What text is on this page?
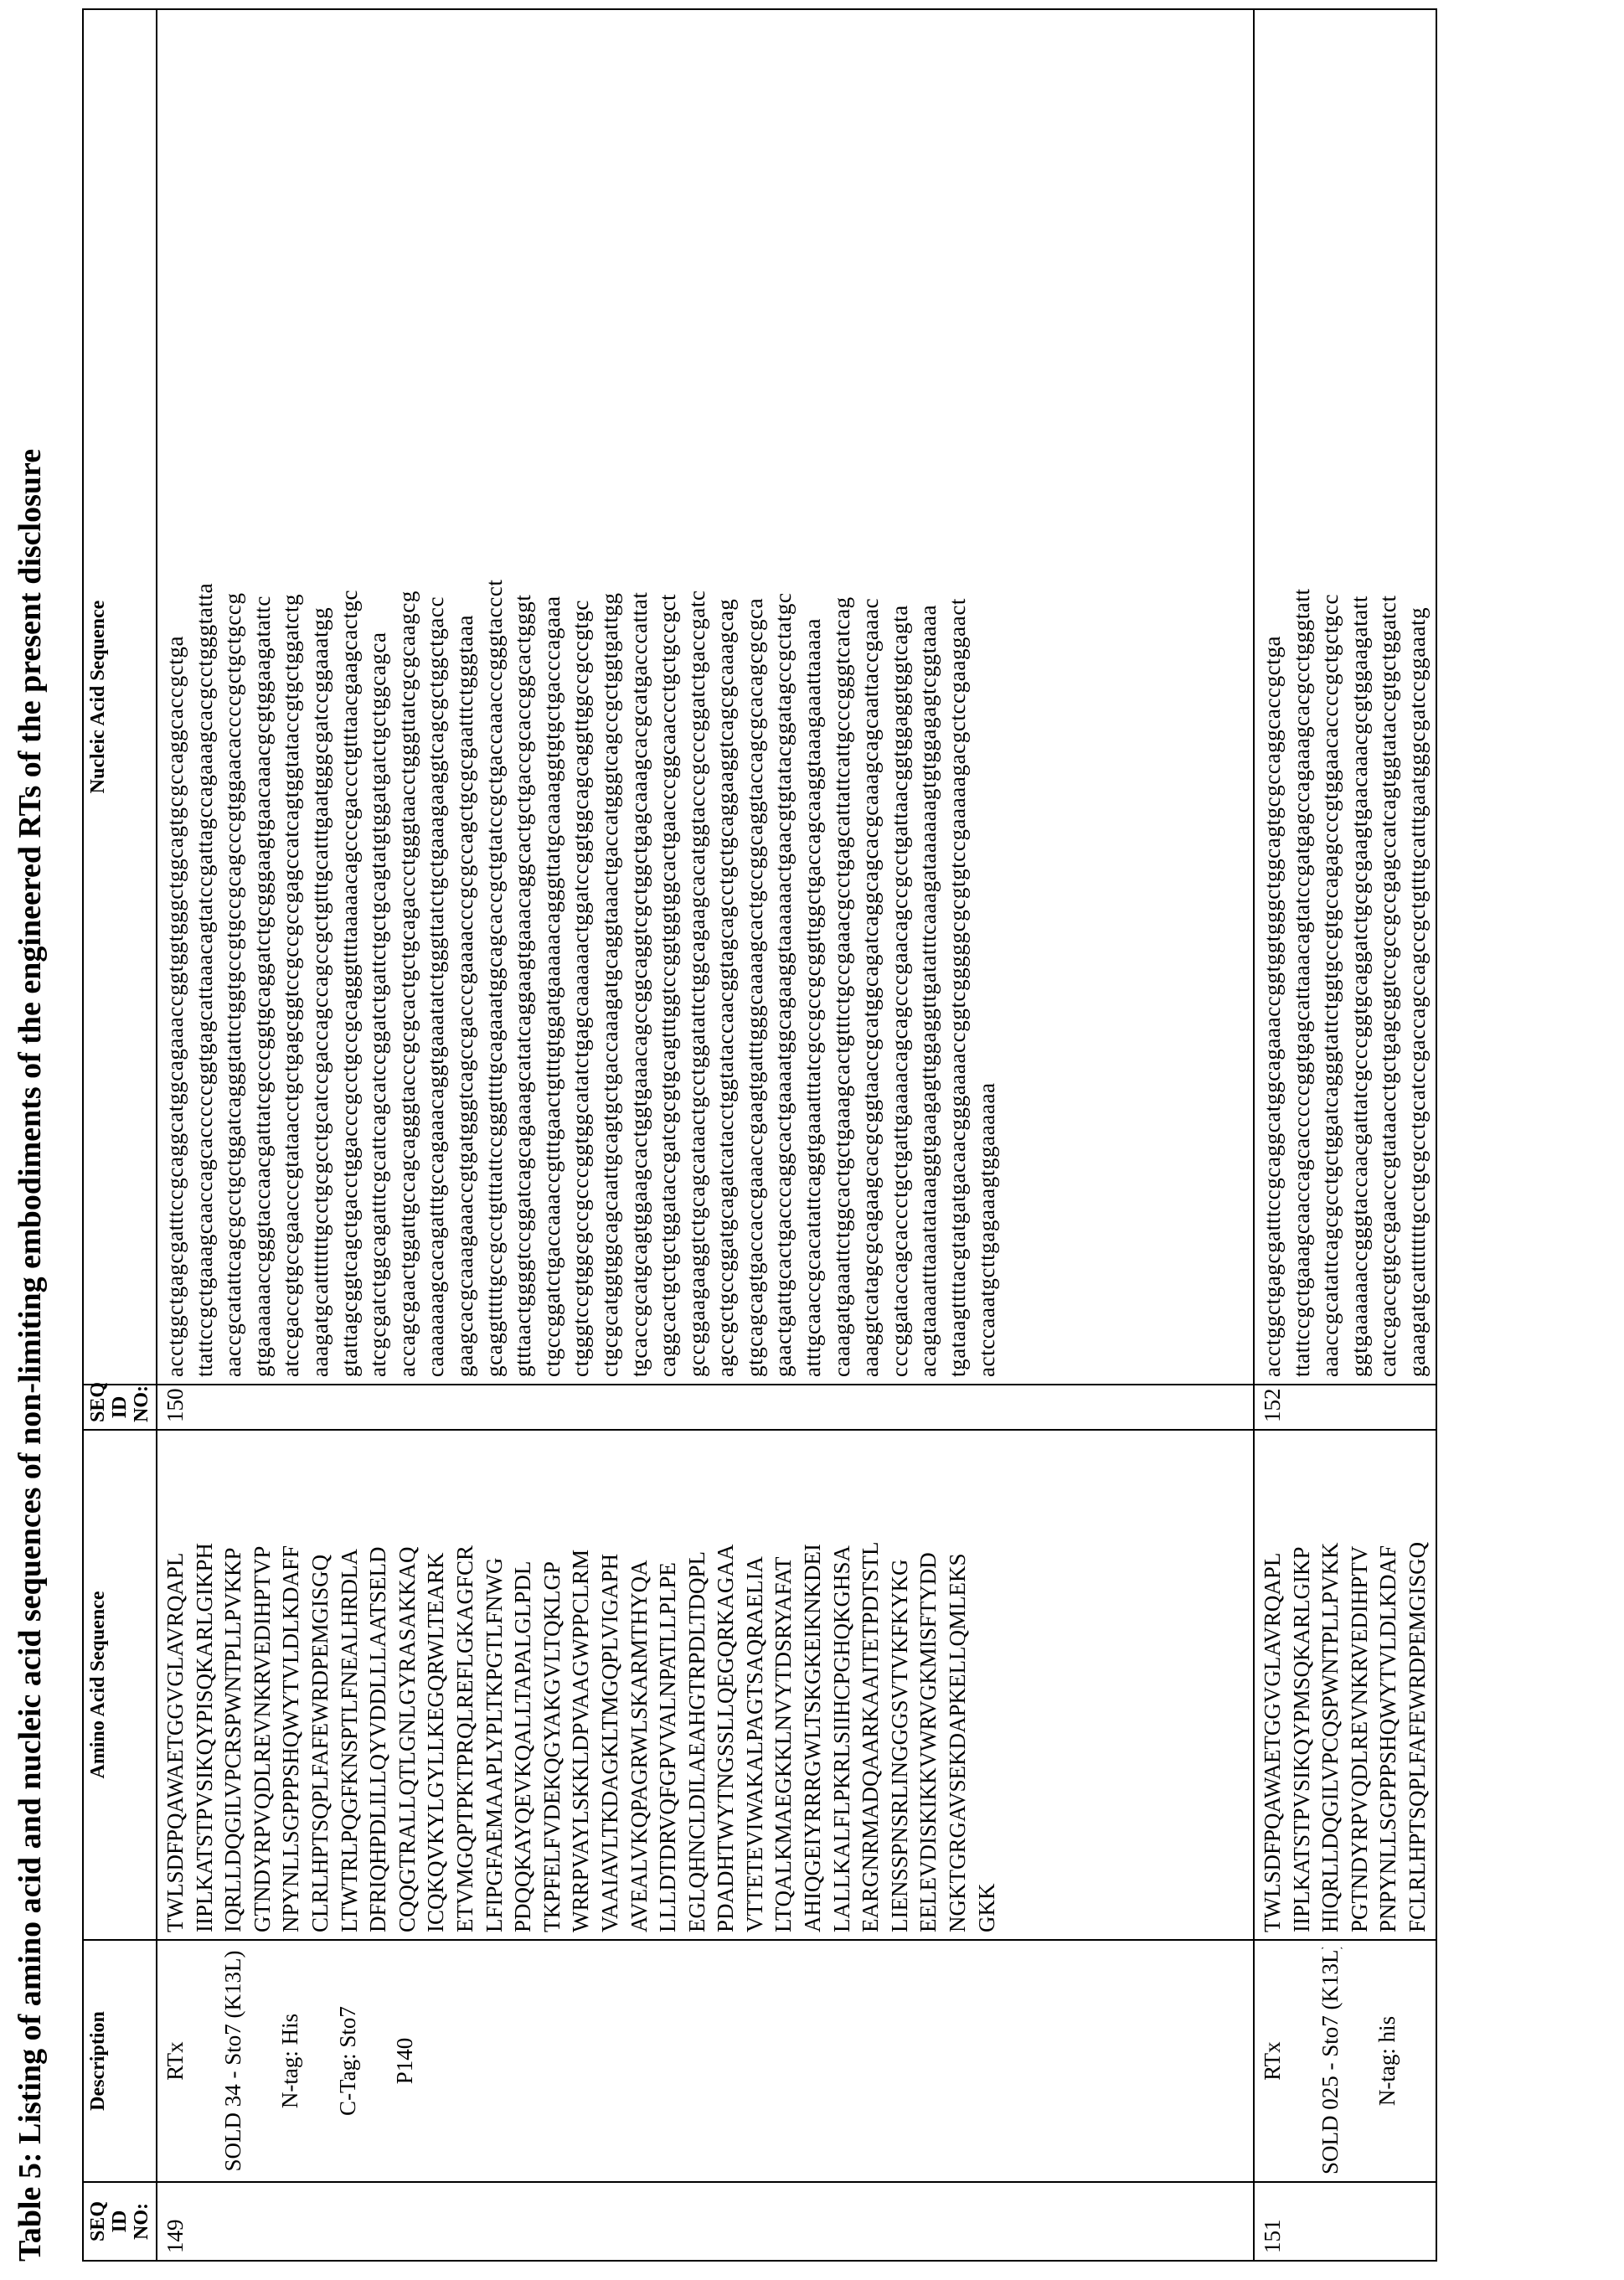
Table 5: Listing of amino acid and nucleic acid sequences of non-limiting embodiments of the engineered RTs of the present disclosure SEQ ID NO:	Description	Amino Acid Sequence	SEQ ID NO:	Nucleic Acid Sequence
149	
RTx SOLD 34 - Sto7 (K13L) N-tag: His C-Tag: Sto7 P140

TWLSDFPQAWAETGGVGLAVRQAPL IIPLKATSTPVSIKQYPISQKARLGIKPH IQRLLDQGILVPCRSPWNTPLLPVKKP GTNDYRPVQDLREVNKRVEDIHPTVP NPYNLLSGPPPSHQWYTVLDLKDAFF CLRLHPTSQPLFAFEWRDPEMGISGQ LTWTRLPQGFKNSPTLFNEALHRDLA DFRIQHPDLILLQYVDDLLLAATSELD CQQGTRALLQTLGNLGYRASAKKAQ ICQKQVKYLGYLLKEGQRWLTEARK ETVMGQPTPKTPRQLREFLGKAGFCR LFIPGFAEMAAPLYPLTKPGTLFNWG PDQQKAYQEVKQALLTAPALGLPDL TKPFELFVDEKQGYAKGVLTQKLGP WRRPVAYLSKKLDPVAAGWPPCLRM VAAIAVLTKDAGKLTMGQPLVIGAPH AVEALVKQPAGRWLSKARMTHYQA LLLDTDRVQFGPVVALNPATLLPLPE EGLQHNCLDILAEAHGTRPDLTDQPL PDADHTWYTNGSSLLQEGQRKAGAA VTTETEVIWAKALPAGTSAQRAELIA LTQALKMAEGKKLNVYTDSRYAFAT AHIQGEIYRRRGWLTSKGKEIKNKDEI LALLKALFLPKRLSIIHCPGHQKGHSA EARGNRMADQAARKAAITETPDTSTL LIENSSPNSRLINGGGSVTVKFKYKG EELEVDISKIKKVWRVGKMISFTYDD NGKTGRGAVSEKDAPKELLQMLEKS GKK
	150	
acctggctgagcgatttccgcaggcatggcagaaaccggtggtgggctggcagtgcgccaggcaccgctga ttattccgctgaaagcaaccagcacccccggtgagcattaaacagtatccgattagccagaaagcacgcctgggtatta aaccgcatattcagcgcctgctggatcagggtattctggtgccgtgccgcagcccgtggaacaccccgctgctgccg gtgaaaaaaccgggtaccaacgattatcgcccggtgcaggatctgcgggaagtgaacaaacgcgtggaagatattc atccgaccgtgccgaacccgtataacctgctgagcggtccgccgccgagccatcagtggtataccgtgctggatctg aaagatgcatttttttgcctgcgcctgcatccgaccagccagccgctgtttgcatttgaatgggcgatccggaaatgg gtattagcggtcagctgacctggacccgcctgccgcagggttttaaaaacagcccgaccctgtttaacgaagcactgc atcgcgatctggcagatttcgcattcagcatccggatctgattctgctgcagtatgtggatgatctgctggcagca accagcgaactggattgccagcagggtacccgcgcactgctgcagaccctgggtaacctgggttatcgcgcaagcg caaaaaaagcacagatttgccagaaacaggtgaaatatctgggttatctgctgaaagaaggtcagcgctggctgacc gaagcacgcaaagaaaccgtgatgggtcagccgacccgaaaacccgcgccagctgcgcgaatttctgggtaaa gcaggtttttgccgcctgtttattccgggttttgcagaaatggcagcaccgctgtatccgctgaccaaacccgggtaccct gtttaactggggtccggatcagcagaaagcatatcaggaagtgaaacaggcactgctgaccgcaccggcactgggt ctgccggatctgaccaaaccgtttgaactgtttgtggatgaaaaacagggttatgcaaaaggtgtgctgacccagaaa ctgggtccgtggcgccgcccggtggcatatctgagcaaaaaactggatccggtggcagcaggttggccgccgtgc ctgcgcatggtggcagcaattgcagtgctgaccaaagatgcaggtaaactgaccatgggtcagccgctggtgattgg tgcaccgcatgcagtggaagcactggtgaaacagccggcaggtcgctggctgagcaaagcacgcatgacccattat caggcactgctgctggataccgatcgcgtgcagtttggtccggtggtggcactgaacccggcaaccctgctgccgct gccggaagaaggtctgcagcataactgcctggatattctggcagaagcacatggtacccgcccggatctgaccgatc agccgctgccggatgcagatcatacctggtataccaacggtagcagcctgctgcaggaaggtcagcgcaaagcag gtgcagcagtgaccaccgaaaccgaagtgatttgggcaaaagcactgccggcaggtaccagcgcacagcgcgca gaactgattgcactgacccaggcactgaaaatggcagaaggtaaaaaactgaacgtgtatacggatagccgctatgc atttgcaaccgcacatattcaggtgaaatttatcgccgccgcggttggctgaccagcaaggtaaagaaattaaaaa caaagatgaaattctggcactgctgaaagcactgtttctgccgaaacgcctgagcattattcattgcccgggtcatcag aaaggtcatagcgcagaagcacgcggtaaccgcatggcagatcaggcagcacgcaaagcagcaattaccgaaac cccggataccagcaccctgctgattgaaaacagcagcccgaacagccgcctgattaacggtggaggtggtcagta acagtaaaatttaaatataaaggtgaagagttggaggttgatatttcaaagataaaaaagtgtggagagtcggtaaaa tgataagttttacgtatgatgacaacgggaaaaccggtcgggggcgcgtgtccgaaaaagacgctccgaaggaact actccaaatgcttgagaaagtggaaaaaa

151	
RTx SOLD 025 - Sto7 (K13L) N-tag: his

TWLSDFPQAWAETGGVGLAVRQAPL IIPLKATSTPVSIKQYPMSQKARLGIKP HIQRLLDQGILVPCQSPWNTPLLPVKK PGTNDYRPVQDLREVNKRVEDIHPTV PNPYNLLSGPPPSHQWYTVLDLKDAF FCLRLHPTSQPLFAFEWRDPEMGISGQ
	152	
acctggctgagcgatttccgcaggcatggcagaaaccggtggtgggctggcagtgcgccaggcaccgctga ttattccgctgaaagcaaccagcacccccggtgagcattaaacagtatccgatgagccagaaagcacgcctgggtatt aaaccgcatattcagcgcctgctggatcagggtattctggtgccgtgccagagcccgtggaacaccccgctgctgcc ggtgaaaaaaccgggtaccaacgattatcgcccggtgcaggatctgcgcgaagtgaacaaacgcgtggaagatatt catccgaccgtgccgaacccgtataacctgctgagcggtccgccgccgagccatcagtggtataccgtgctggatct gaaagatgcatttttttgcctgcgcctgcatccgaccagccagccgctgtttgcatttgaatgggcgatccggaaatg
